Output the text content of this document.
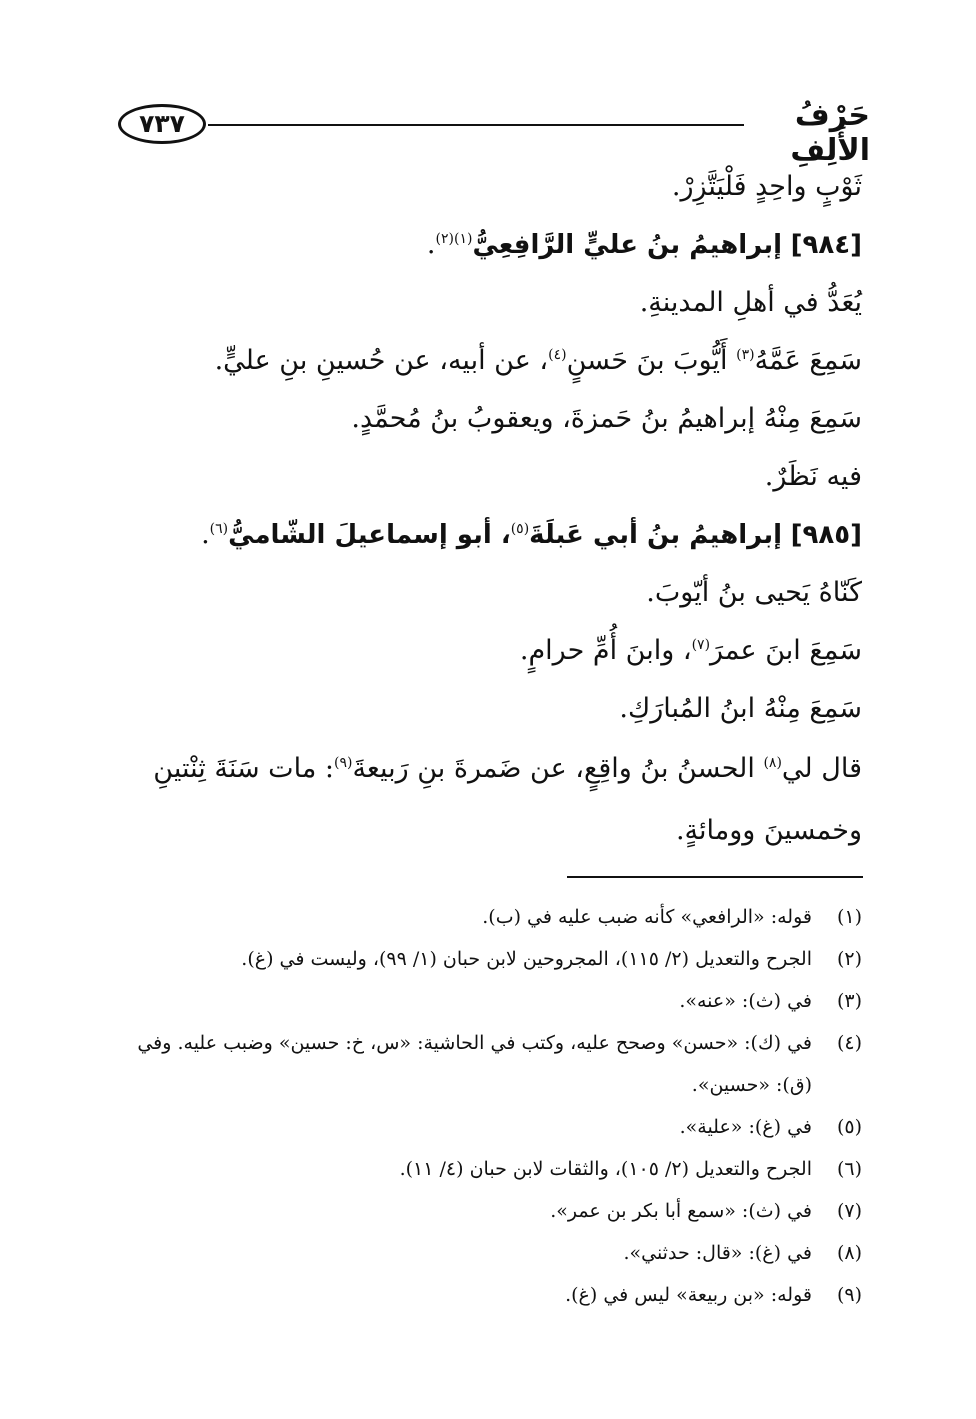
٧٣٧	حَرْفُ الأَلِفِ

ثَوْبٍ واحِدٍ فَلْيَتَّزِرْ.

[٩٨٤] إبراهيمُ بنُ عليٍّ الرَّافِعِيُّ$^{(١)(٢)}$.

يُعَدُّ في أهلِ المدينةِ.

سَمِعَ عَمَّهُ$^{(٣)}$ أَيُّوبَ بنَ حَسنٍ$^{(٤)}$، عن أبيه، عن حُسينِ بنِ عليٍّ.

سَمِعَ مِنْهُ إبراهيمُ بنُ حَمزةَ، ويعقوبُ بنُ مُحمَّدٍ.

فيه نَظَرٌ.

[٩٨٥] إبراهيمُ بنُ أبي عَبلَةَ$^{(٥)}$، أبو إسماعيلَ الشّاميُّ$^{(٦)}$.

كَنّاهُ يَحيى بنُ أيّوبَ.

سَمِعَ ابنَ عمرَ$^{(٧)}$، وابنَ أُمِّ حرامٍ.

سَمِعَ مِنْهُ ابنُ المُبارَكِ.

قال لي$^{(٨)}$ الحسنُ بنُ واقِعٍ، عن ضَمرةَ بنِ رَبيعةَ$^{(٩)}$: مات سَنَةَ ثِنْتينِ وخمسينَ وومائةٍ.

(١)
قوله: «الرافعي» كأنه ضبب عليه في (ب).
(٢)
الجرح والتعديل (٢/ ١١٥)، المجروحين لابن حبان (١/ ٩٩)، وليست في (غ).
(٣)
في (ث): «عنه».
(٤)
في (ك): «حسن» وصحح عليه، وكتب في الحاشية: «س، خ: حسين» وضبب عليه. وفي (ق): «حسين».
(٥)
في (غ): «علية».
(٦)
الجرح والتعديل (٢/ ١٠٥)، والثقات لابن حبان (٤/ ١١).
(٧)
في (ث): «سمع أبا بكر بن عمر».
(٨)
في (غ): «قال: حدثني».
(٩)
قوله: «بن ربيعة» ليس في (غ).
